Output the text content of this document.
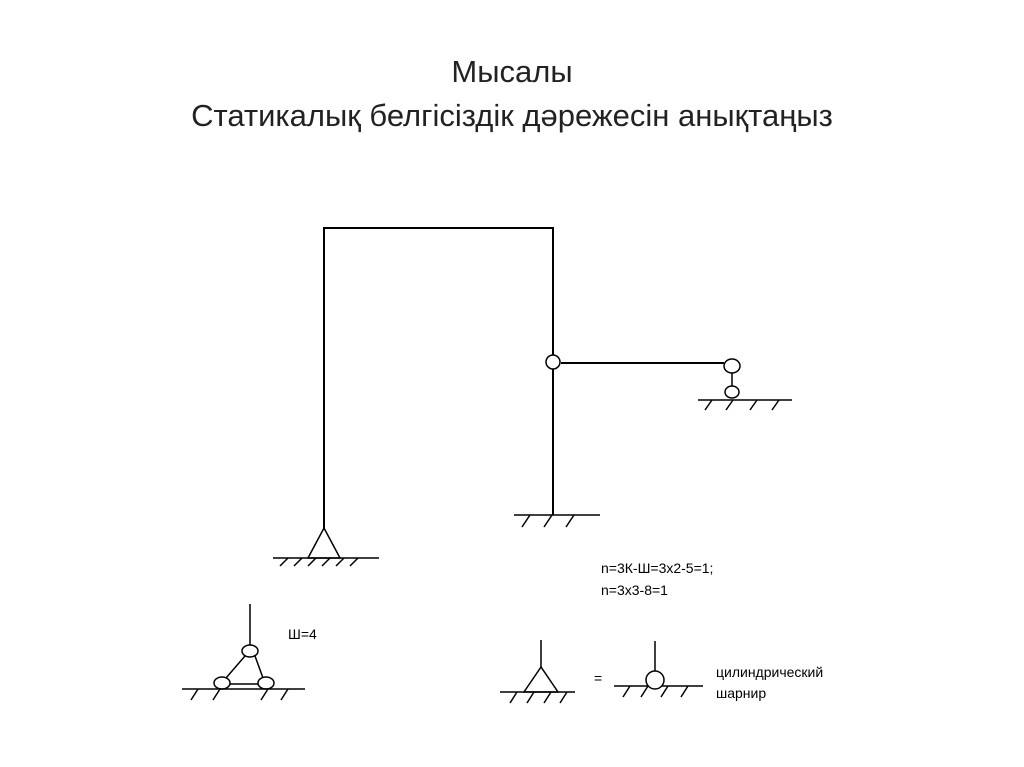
Мысалы
Статикалық белгісіздік дәрежесін анықтаңыз
n=3К-Ш=3х2-5=1;
n=3х3-8=1
Ш=4
=	цилиндрический
шарнир
